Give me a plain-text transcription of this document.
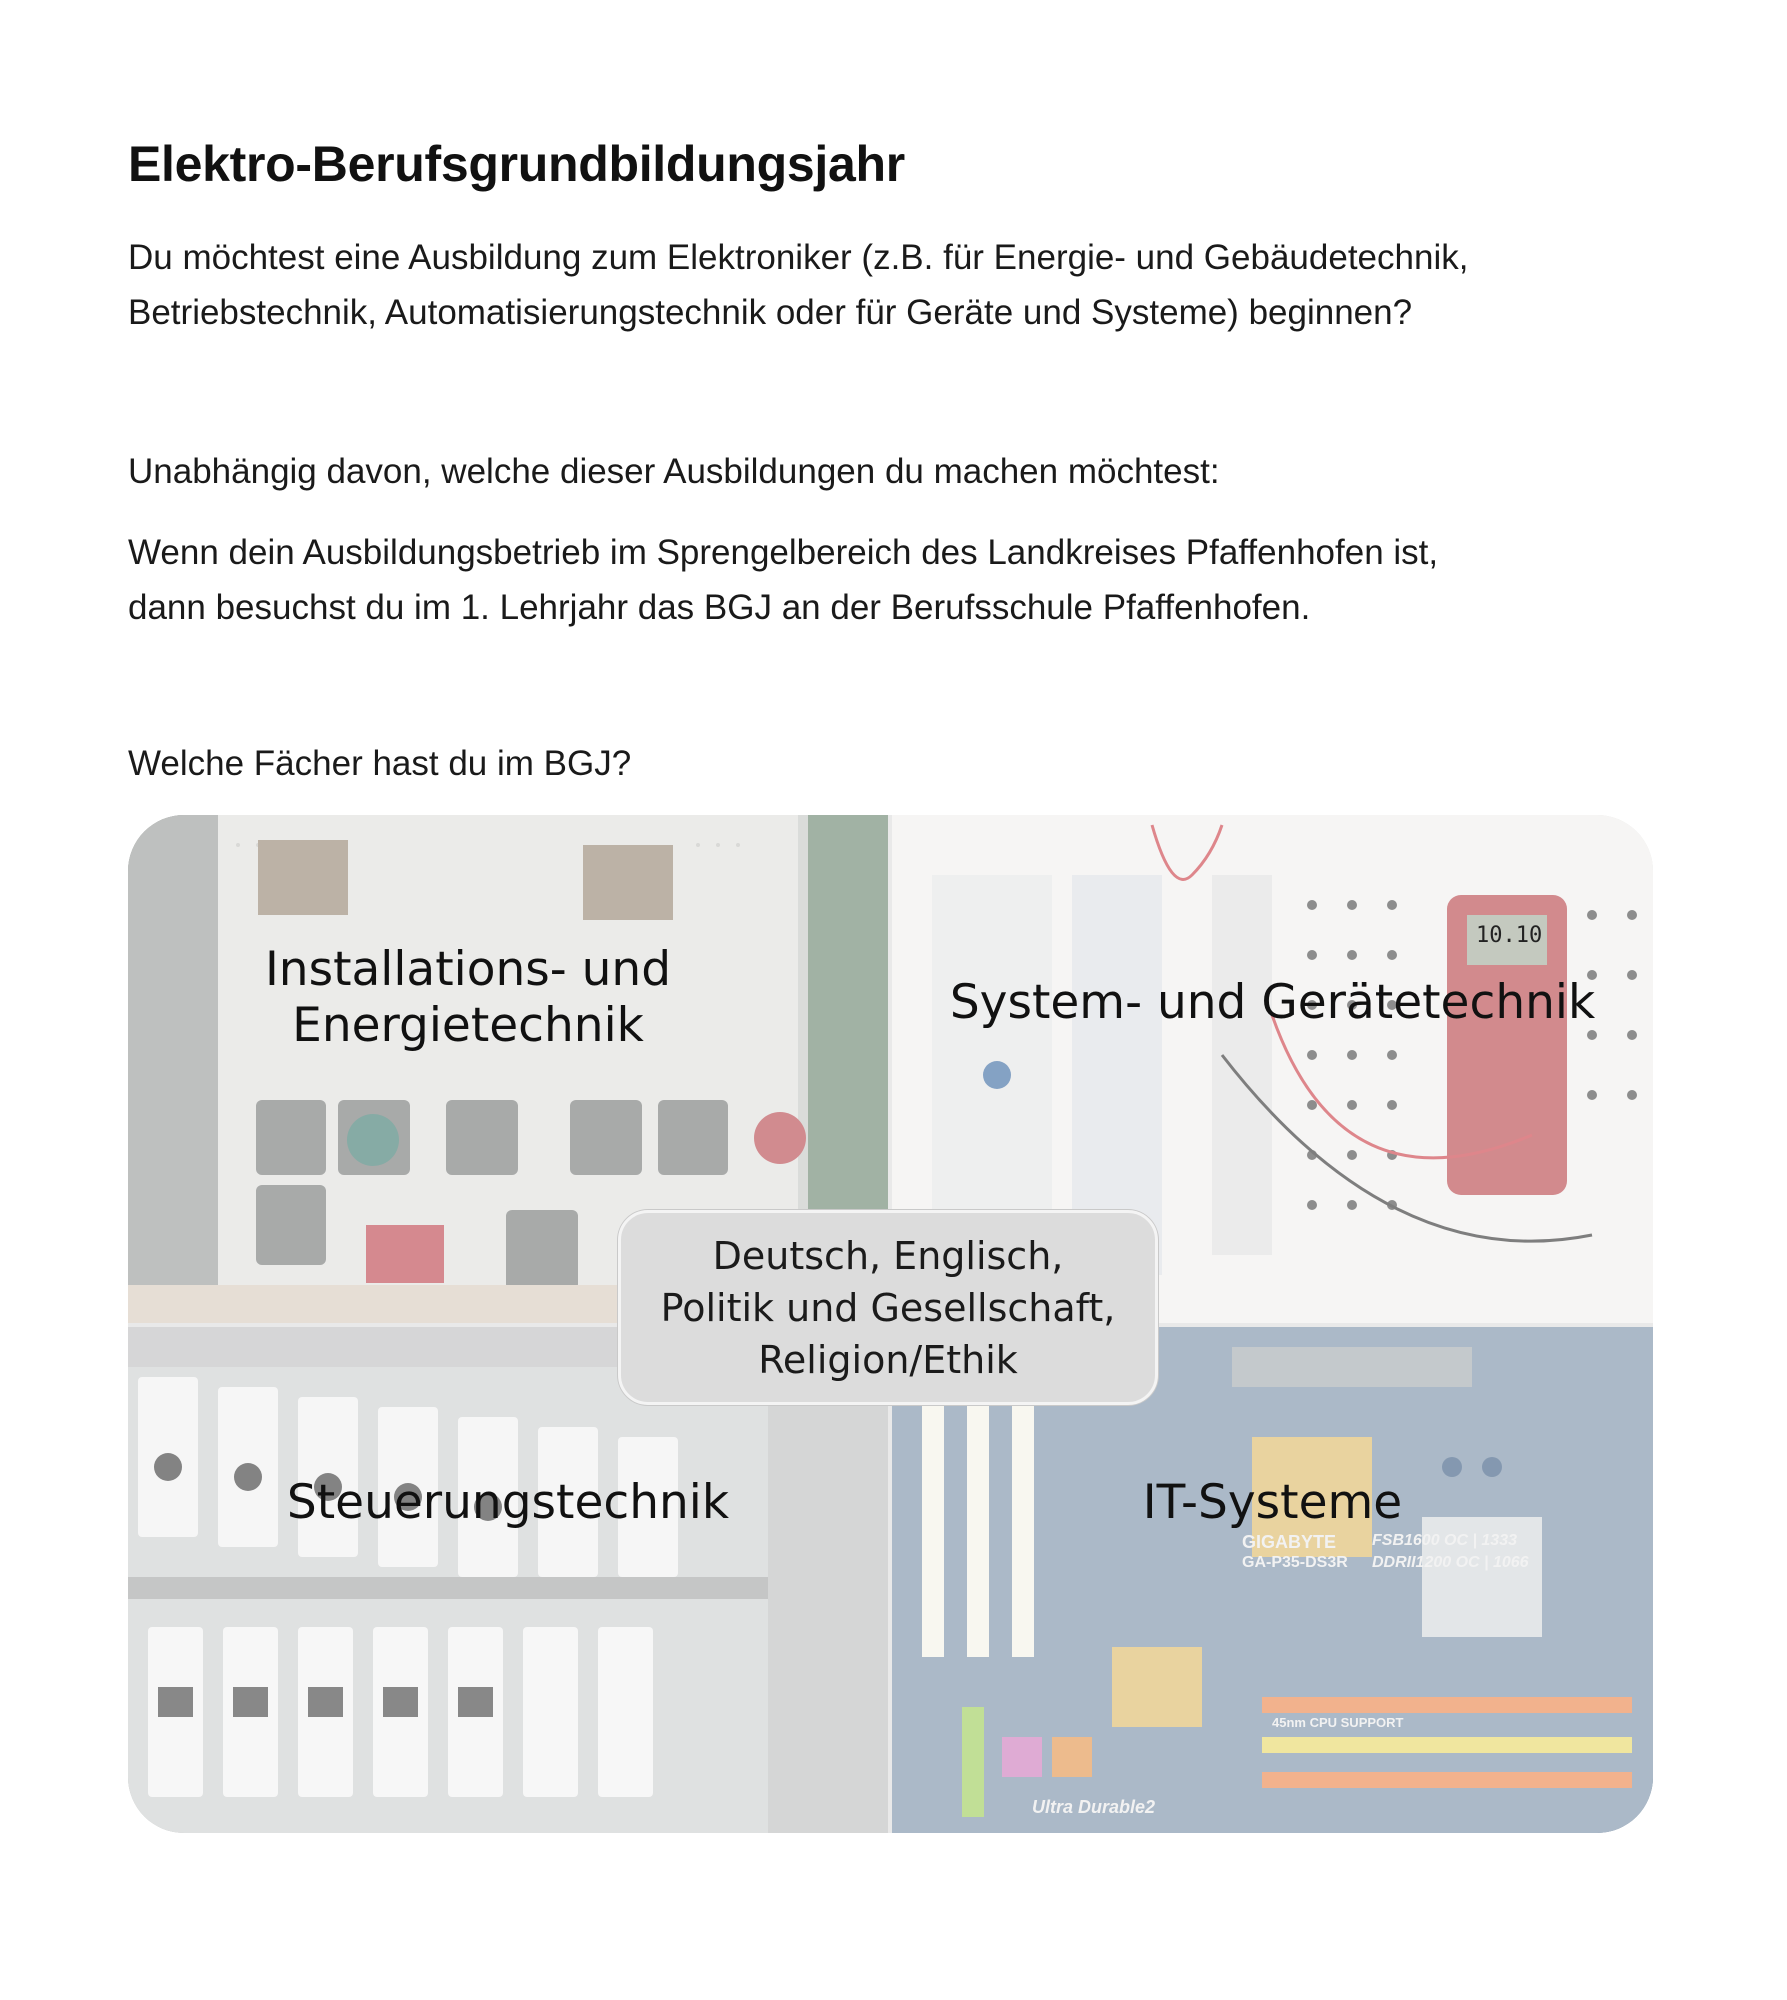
Elektro-Berufsgrundbildungsjahr

Du möchtest eine Ausbildung zum Elektroniker (z.B. für Energie- und Gebäudetechnik,
Betriebstechnik, Automatisierungstechnik oder für Geräte und Systeme) beginnen?

Unabhängig davon, welche dieser Ausbildungen du machen möchtest:

Wenn dein Ausbildungsbetrieb im Sprengelbereich des Landkreises Pfaffenhofen ist,
dann besuchst du im 1. Lehrjahr das BGJ an der Berufsschule Pfaffenhofen.

Welche Fächer hast du im BGJ?

Installations- und
Energietechnik
10.10
System- und Gerätetechnik
Steuerungstechnik
GIGABYTE
GA-P35-DS3R
FSB1600 OC | 1333
DDRII1200 OC | 1066
45nm CPU SUPPORT
Ultra Durable2
IT-Systeme
Deutsch, Englisch,
Politik und Gesellschaft,
Religion/Ethik
